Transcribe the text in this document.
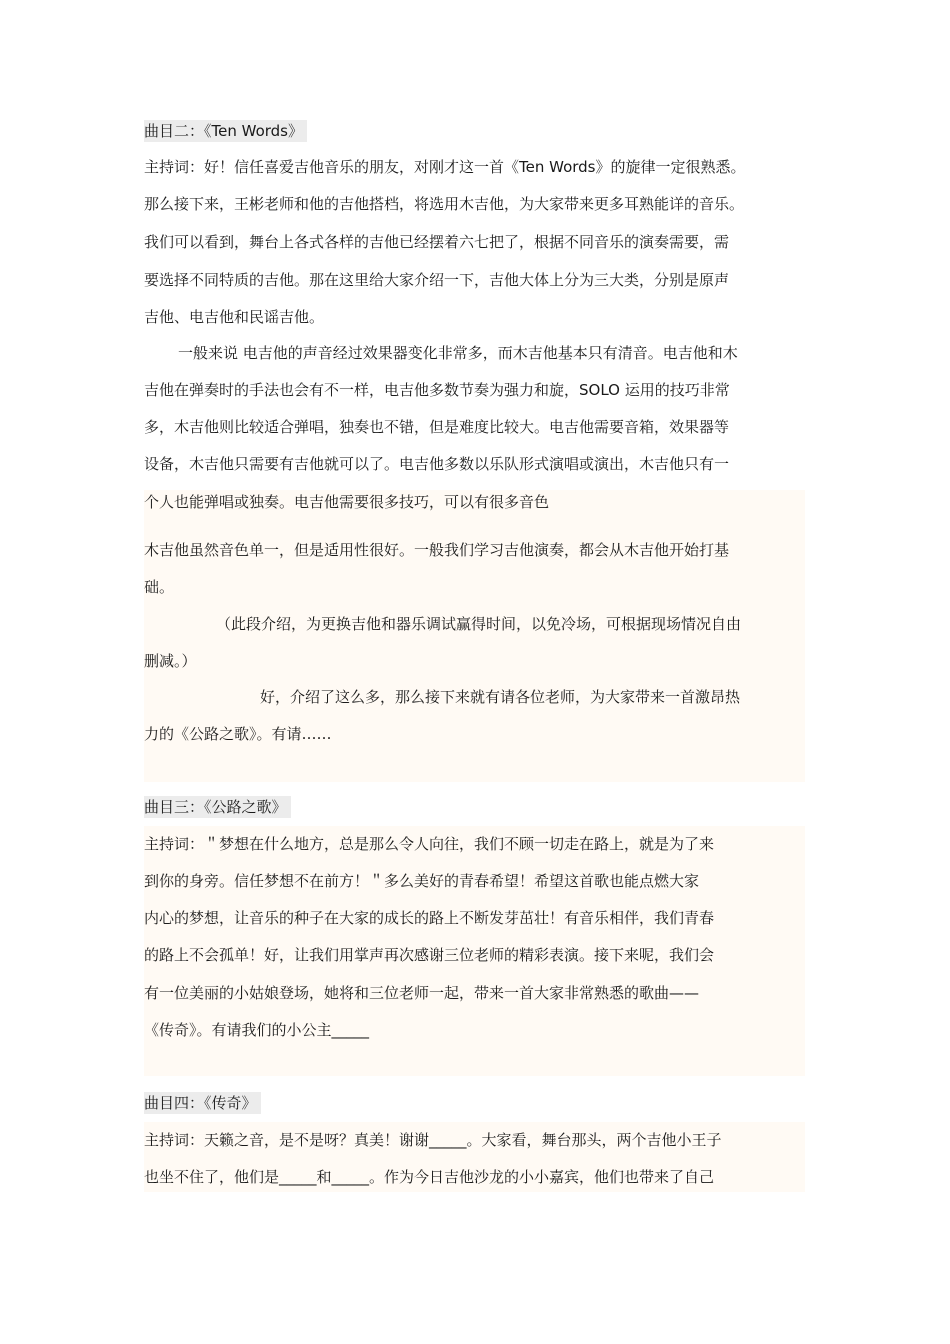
曲目二：《Ten Words》
主持词：好！信任喜爱吉他音乐的朋友，对刚才这一首《Ten Words》的旋律一定很熟悉。
那么接下来，王彬老师和他的吉他搭档，将选用木吉他，为大家带来更多耳熟能详的音乐。
我们可以看到，舞台上各式各样的吉他已经摆着六七把了，根据不同音乐的演奏需要，需
要选择不同特质的吉他。那在这里给大家介绍一下，吉他大体上分为三大类，分别是原声
吉他、电吉他和民谣吉他。
一般来说 电吉他的声音经过效果器变化非常多，而木吉他基本只有清音。电吉他和木
吉他在弹奏时的手法也会有不一样，电吉他多数节奏为强力和旋，SOLO 运用的技巧非常
多，木吉他则比较适合弹唱，独奏也不错，但是难度比较大。电吉他需要音箱，效果器等
设备，木吉他只需要有吉他就可以了。电吉他多数以乐队形式演唱或演出，木吉他只有一
个人也能弹唱或独奏。电吉他需要很多技巧，可以有很多音色
木吉他虽然音色单一，但是适用性很好。一般我们学习吉他演奏，都会从木吉他开始打基
础。
（此段介绍，为更换吉他和器乐调试赢得时间，以免冷场，可根据现场情况自由
删减。）
好，介绍了这么多，那么接下来就有请各位老师，为大家带来一首激昂热
力的《公路之歌》。有请……
曲目三：《公路之歌》
主持词：＂梦想在什么地方，总是那么令人向往，我们不顾一切走在路上，就是为了来
到你的身旁。信任梦想不在前方！＂多么美好的青春希望！希望这首歌也能点燃大家
内心的梦想，让音乐的种子在大家的成长的路上不断发芽茁壮！有音乐相伴，我们青春
的路上不会孤单！好，让我们用掌声再次感谢三位老师的精彩表演。接下来呢，我们会
有一位美丽的小姑娘登场，她将和三位老师一起，带来一首大家非常熟悉的歌曲——
《传奇》。有请我们的小公主_____
曲目四：《传奇》
主持词：天籁之音，是不是呀？真美！谢谢_____。大家看，舞台那头，两个吉他小王子
也坐不住了，他们是_____和_____。作为今日吉他沙龙的小小嘉宾，他们也带来了自己
